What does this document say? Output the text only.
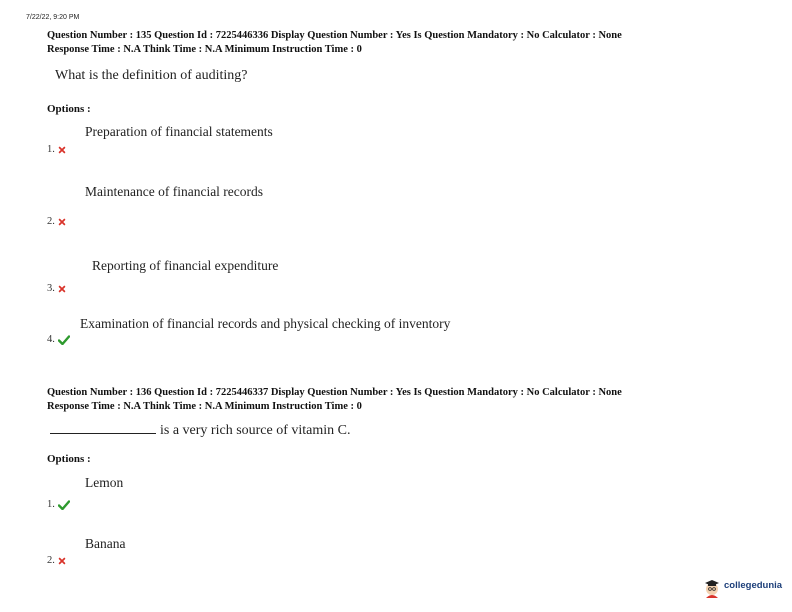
7/22/22, 9:20 PM
Question Number : 135 Question Id : 7225446336 Display Question Number : Yes Is Question Mandatory : No Calculator : None
Response Time : N.A Think Time : N.A Minimum Instruction Time : 0
What is the definition of auditing?
Options :
Preparation of financial statements
1.
Maintenance of financial records
2.
Reporting of financial expenditure
3.
Examination of financial records and physical checking of inventory
4.
Question Number : 136 Question Id : 7225446337 Display Question Number : Yes Is Question Mandatory : No Calculator : None
Response Time : N.A Think Time : N.A Minimum Instruction Time : 0
is a very rich source of vitamin C.
Options :
Lemon
1.
Banana
2.
collegedunia
